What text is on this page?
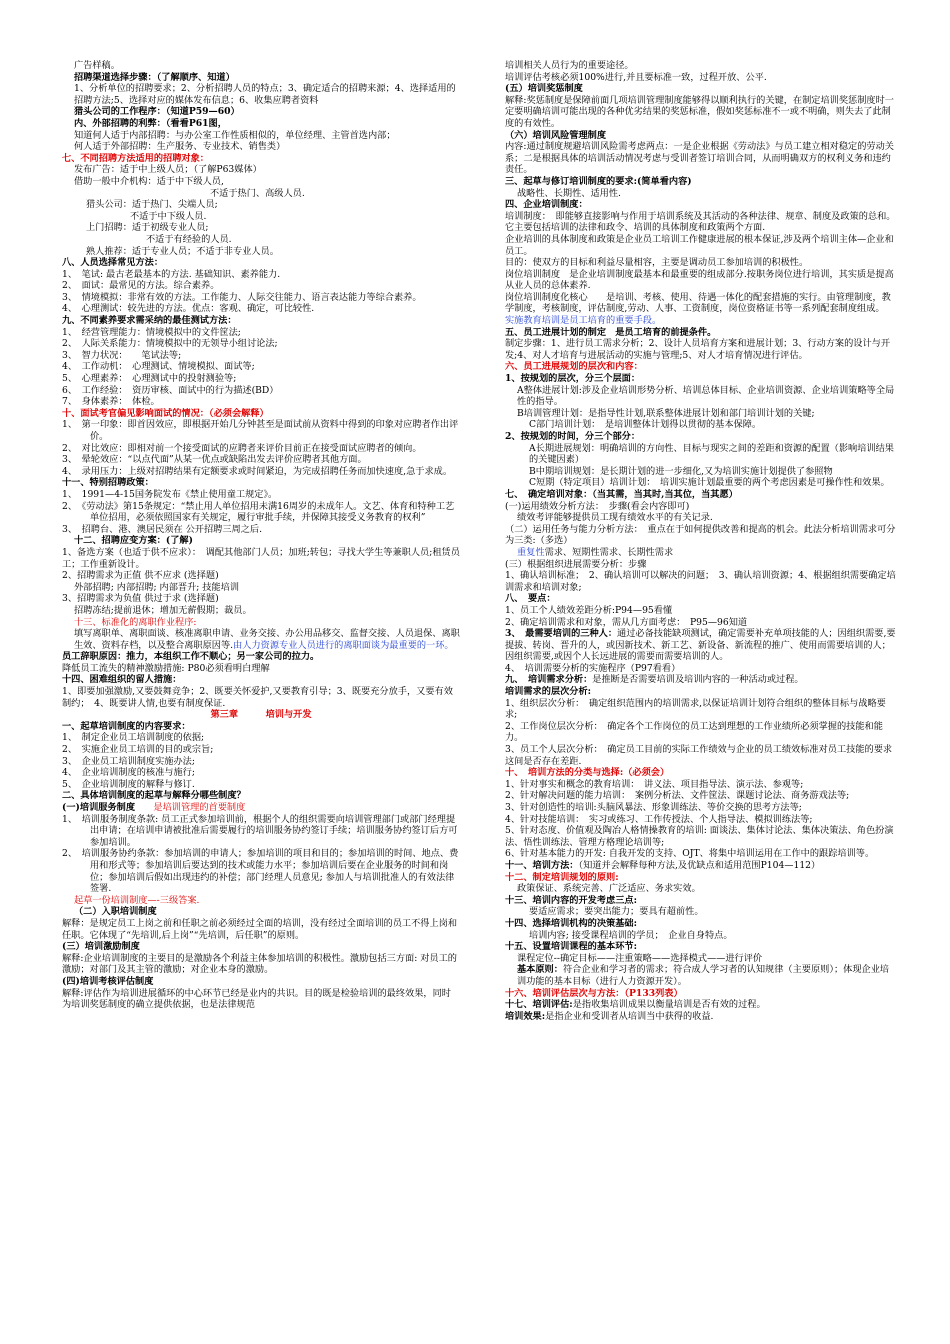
广告样稿。

招聘渠道选择步骤：（了解顺序、知道）

1、分析单位的招聘要求；2、分析招聘人员的特点；3、确定适合的招聘来源；4、选择适用的招聘方法;5、选择对应的媒体发布信息；6、收集应聘者资料

猎头公司的工作程序：（知道P59—60）

内、外部招聘的利弊：（看看P61图，

知道何人适于内部招聘：与办公室工作性质相似的，单位经理、主管首选内部；

何人适于外部招聘：生产服务、专业技术、销售类）

七、不同招聘方法适用的招聘对象：

发布广告：适于中上级人员；（了解P63媒体）

借助一般中介机构：适于中下级人员,

不适于热门、高级人员.

猎头公司：适于热门、尖端人员;

不适于中下级人员.

上门招聘：适于初级专业人员;

不适于有经验的人员.

熟人推荐：适于专业人员；不适于非专业人员。

八、人员选择常见方法：

1、　笔试: 最古老最基本的方法. 基础知识、素养能力.

2、　面试：最常见的方法。综合素养。

3、　情境模拟：非常有效的方法。工作能力、人际交往能力、语言表达能力等综合素养。

4、　心理测试：较先进的方法。优点：客观、确定，可比较性.

九、不同素养要求需采纳的最佳测试方法：

1、　经营管理能力：情境模拟中的文件筐法;

2、　人际关系能力：情境模拟中的无领导小组讨论法;

3、　智力状况：　　笔试法等;

4、　工作动机：　心理测试、情境模拟、面试等;

5、　心理素养：　心理测试中的投射测验等;

6、　工作经验：　资历审核、面试中的行为描述(BD）

7、　身体素养：　体检。

十、面试考官偏见影响面试的情况：（必须会解释）

1、　第一印象：即首因效应，即根据开始几分钟甚至是面试前从资料中得到的印象对应聘者作出评价。

2、　对比效应：即相对前一个接受面试的应聘者来评价目前正在接受面试应聘者的倾向。

3、　晕轮效应：“以点代面”从某一优点或缺陷出发去评价应聘者其他方面。

4、　录用压力：上级对招聘结果有定额要求或时间紧迫，为完成招聘任务而加快速度,急于求成。

十一、特别招聘政策：

1、　1991—4-15国务院发布《禁止使用童工规定》。

2、　《劳动法》第15条规定：“禁止用人单位招用未满16周岁的未成年人。文艺、体育和特种工艺单位招用，必须依照国家有关规定，履行审批手续，并保障其接受义务教育的权利”

3、　招聘台、港、澳居民须在 公开招聘三周之后.

十二、招聘应变方案：(了解)

1、备选方案（也适于供不应求）：　调配其他部门人员；加班;转包；寻找大学生等兼职人员;租赁员工；工作重新设计。

2、招聘需求为正值 供不应求 (选择题)

外部招聘; 内部招聘; 内部晋升; 技能培训

3、招聘需求为负值 供过于求 (选择题)

招聘冻结;提前退休；增加无薪假期；裁员。

十三、标准化的离职作业程序:

填写离职单、离职面谈、核准离职申请、业务交接、办公用品移交、监督交接、人员退保、离职生效、资料存档，以及整合离职原因等.由人力资源专业人员进行的离职面谈为最重要的一环。

员工辞职原因：推力，本组织工作不顺心；另一家公司的拉力。

降低员工流失的精神激励措施: P80必须看明白理解

十四、困难组织的留人措施：

1、即要加强激励,又要鼓舞竞争；2、既要关怀爱护,又要教育引导；3、既要充分放手，又要有效制约；　4、既要讲人情,也要有制度保证.

第三章　　　培训与开发

一、起草培训制度的内容要求：

1、　制定企业员工培训制度的依据;

2、　实施企业员工培训的目的或宗旨;

3、　企业员工培训制度实施办法;

4、　企业培训制度的核准与施行;

5、　企业培训制度的解释与修订.

二、具体培训制度的起草与解释分哪些制度？

(一)培训服务制度　　是培训管理的首要制度

1、　培训服务制度条款: 员工正式参加培训前，根据个人的组织需要向培训管理部门或部门经理提出申请；在培训申请被批准后需要履行的培训服务协约签订手续；培训服务协约签订后方可参加培训。

2、　培训服务协约条款：参加培训的申请人；参加培训的项目和目的；参加培训的时间、地点、费用和形式等；参加培训后要达到的技术或能力水平；参加培训后要在企业服务的时间和岗位；参加培训后假如出现违约的补偿；部门经理人员意见; 参加人与培训批准人的有效法律签署.

起草一份培训制度—-三级答案.

（二）入职培训制度

解释：是规定员工上岗之前和任职之前必须经过全面的培训，没有经过全面培训的员工不得上岗和任职。它体现了“先培训,后上岗”“先培训，后任职”的原则。

(三）培训激励制度

解释:企业培训制度的主要目的是激励各个利益主体参加培训的积极性。激励包括三方面: 对员工的激励；对部门及其主管的激励；对企业本身的激励。

(四)培训考核评估制度

解释:评估作为培训进展循环的中心环节已经是业内的共识。目的既是检验培训的最终效果，同时为培训奖惩制度的确立提供依据，也是法律规范

培训相关人员行为的重要途径。

培训评估考核必须100%进行,并且要标准一致，过程开放、公平.

(五）培训奖惩制度

解释:奖惩制度是保障前面几项培训管理制度能够得以顺利执行的关键，在制定培训奖惩制度时一定要明确培训可能出现的各种优劣结果的奖惩标准，假如奖惩标准不一或不明确，则失去了此制度的有效性。

（六）培训风险管理制度

内容:通过制度规避培训风险需考虑两点：一是企业根据《劳动法》与员工建立相对稳定的劳动关系；二是根据具体的培训活动情况考虑与受训者签订培训合同，从而明确双方的权利义务和违约责任。

三、起草与修订培训制度的要求:(简单看内容)

战略性、长期性、适用性.

四、企业培训制度：

培训制度：　即能够直接影响与作用于培训系统及其活动的各种法律、规章、制度及政策的总和。它主要包括培训的法律和政令、培训的具体制度和政策两个方面.

企业培训的具体制度和政策是企业员工培训工作健康进展的根本保证,涉及两个培训主体—企业和员工。

目的：使双方的目标和利益尽量相容，主要是调动员工参加培训的积极性。

岗位培训制度　是企业培训制度最基本和最重要的组成部分.按职务岗位进行培训，其实质是提高从业人员的总体素养.

岗位培训制度化核心　　是培训、考核、使用、待遇一体化的配套措施的实行。由管理制度，教学制度，考核制度，评估制度,劳动、人事、工资制度，岗位资格证书等一系列配套制度组成。

实施教育培训是员工培育的重要手段。

五、员工进展计划的制定　是员工培育的前提条件。

制定步骤：1、进行员工需求分析；2、设计人员培育方案和进展计划；3、行动方案的设计与开发;4、对人才培育与进展活动的实施与管理;5、对人才培育情况进行评估。

六、员工进展规划的层次和内容：

1、按规划的层次，分三个层面：

A整体进展计划:涉及企业培训形势分析、培训总体目标、企业培训资源、企业培训策略等全局性的指导。

B培训管理计划：是指导性计划,联系整体进展计划和部门培训计划的关键;

C部门培训计划：　是培训整体计划得以贯彻的基本保障。

2、按规划的时间，分三个部分：

A长期进展规划：明确培训的方向性、目标与现实之间的差距和资源的配置（影响培训结果的关键因素）

B中期培训规划：是长期计划的进一步细化,又为培训实施计划提供了参照物

C短期（特定项目）培训计划：　培训实施计划最重要的两个考虑因素是可操作性和效果。

七、　确定培训对象：（当其需，当其时,当其位，当其愿）

(一)运用绩效分析方法：　步骤(看会内容即可)

绩效考评能够提供员工现有绩效水平的有关记录.

（二）运用任务与能力分析方法：　重点在于如何提供改善和提高的机会。此法分析培训需求可分为三类:（多选）

重复性需求、短期性需求、长期性需求

(三）根据组织进展需要分析：步骤

1、确认培训标准；　2、确认培训可以解决的问题；　3、确认培训资源；4、根据组织需要确定培训需求和培训对象;

八、　要点：

1、员工个人绩效差距分析:P94—95看懂

2、确定培训需求和对象，需从几方面考虑：　P95—96知道

3、　最需要培训的三种人：通过必备技能缺项测试，确定需要补充单项技能的人；因组织需要,要提拔、转岗、晋升的人，或因新技术、新工艺、新设备、新流程的推广、使用而需要培训的人；　因组织需要,或因个人长远进展的需要而需要培训的人。

4、　培训需要分析的实施程序（P97看看）

九、　培训需求分析：是推断是否需要培训及培训内容的一种活动或过程。

培训需求的层次分析:

1、组织层次分析：　确定组织范围内的培训需求,以保证培训计划符合组织的整体目标与战略要求;

2、工作岗位层次分析：　确定各个工作岗位的员工达到理想的工作业绩所必须掌握的技能和能力。

3、员工个人层次分析：　确定员工目前的实际工作绩效与企业的员工绩效标准对员工技能的要求这间是否存在差距.

十、　培训方法的分类与选择:（必须会）

1、针对事实和概念的教育培训：　讲义法、项目指导法、演示法、参观等;

2、针对解决问题的能力培训：　案例分析法、文件筐法、课题讨论法、商务游戏法等;

3、针对创造性的培训:头脑风暴法、形象训练法、等价交换的思考方法等;

4、针对技能培训：　实习或练习、工作传授法、个人指导法、模拟训练法等;

5、针对态度、价值观及陶冶人格情操教育的培训: 面谈法、集体讨论法、集体决策法、角色扮演法、悟性训练法、管理方格理论培训等;

6、针对基本能力的开发: 自我开发的支持、OJT、将集中培训运用在工作中的跟踪培训等。

十一、培训方法：（知道并会解释每种方法,及优缺点和适用范围P104—112）

十二、制定培训规划的原则:

政策保证、系统完善、广泛适应、务求实效。

十三、培训内容的开发考虑三点:

要适应需求；要突出能力；要具有超前性。

十四、选择培训机构的决策基础:

培训内容; 接受课程培训的学员；　企业自身特点。

十五、设置培训课程的基本环节:

课程定位--确定目标——注重策略——选择模式——进行评价

基本原则：符合企业和学习者的需求；符合成人学习者的认知规律（主要原则）；体现企业培训功能的基本目标（进行人力资源开发）。

十六、培训评估层次与方法：（P133列表）

十七、培训评估:是指收集培训成果以衡量培训是否有效的过程。

培训效果:是指企业和受训者从培训当中获得的收益.
